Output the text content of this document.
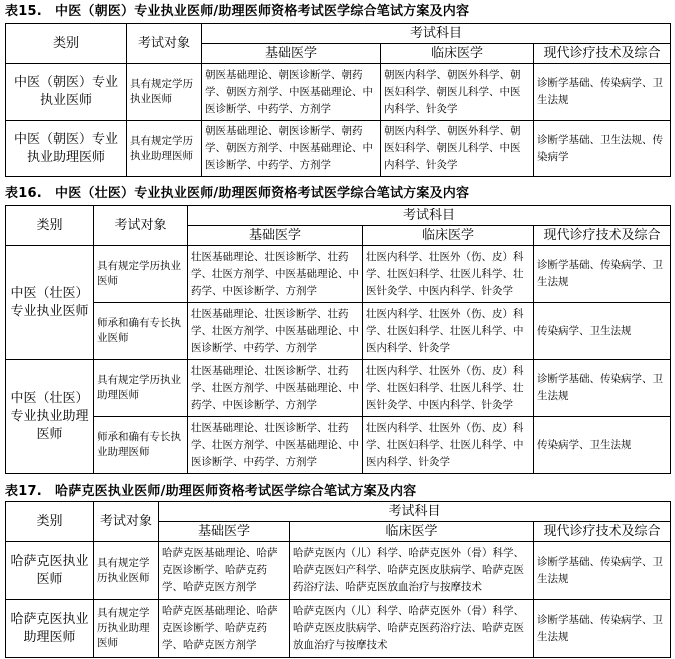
表15.　中医（朝医）专业执业医师/助理医师资格考试医学综合笔试方案及内容
类别	考试对象	考试科目		
		基础医学	临床医学	现代诊疗技术及综合
中医（朝医）专业执业医师	具有规定学历执业医师	朝医基础理论、朝医诊断学、朝药学、朝医方剂学、中医基础理论、中医诊断学、中药学、方剂学	朝医内科学、朝医外科学、朝医妇科学、朝医儿科学、中医内科学、针灸学	诊断学基础、传染病学、卫生法规
中医（朝医）专业执业助理医师	具有规定学历执业助理医师	朝医基础理论、朝医诊断学、朝药学、朝医方剂学、中医基础理论、中医诊断学、中药学、方剂学	朝医内科学、朝医外科学、朝医妇科学、朝医儿科学、中医内科学、针灸学	诊断学基础、卫生法规、传染病学
表16.　中医（壮医）专业执业医师/助理医师资格考试医学综合笔试方案及内容
类别	考试对象	考试科目		
		基础医学	临床医学	现代诊疗技术及综合
中医（壮医）专业执业医师	具有规定学历执业医师	壮医基础理论、壮医诊断学、壮药学、壮医方剂学、中医基础理论、中药学、中医诊断学、方剂学	壮医内科学、壮医外（伤、皮）科学、壮医妇科学、壮医儿科学、壮医针灸学、中医内科学、针灸学	诊断学基础、传染病学、卫生法规
	师承和确有专长执业医师	壮医基础理论、壮医诊断学、壮药学、壮医方剂学、中医基础理论、中医诊断学、中药学、方剂学	壮医内科学、壮医外（伤、皮）科学、壮医妇科学、壮医儿科学、中医内科学、针灸学	传染病学、卫生法规
中医（壮医）专业执业助理医师	具有规定学历执业助理医师	壮医基础理论、壮医诊断学、壮药学、壮医方剂学、中医基础理论、中药学、中医诊断学、方剂学	壮医内科学、壮医外（伤、皮）科学、壮医妇科学、壮医儿科学、壮医针灸学、中医内科学、针灸学	诊断学基础、传染病学、卫生法规
	师承和确有专长执业助理医师	壮医基础理论、壮医诊断学、壮药学、壮医方剂学、中医基础理论、中医诊断学、中药学、方剂学	壮医内科学、壮医外（伤、皮）科学、壮医妇科学、壮医儿科学、中医内科学、针灸学	传染病学、卫生法规
表17.　哈萨克医执业医师/助理医师资格考试医学综合笔试方案及内容
类别	考试对象	考试科目		
		基础医学	临床医学	现代诊疗技术及综合
哈萨克医执业医师	具有规定学历执业医师	哈萨克医基础理论、哈萨克医诊断学、哈萨克药学、哈萨克医方剂学	哈萨克医内（儿）科学、哈萨克医外（骨）科学、哈萨克医妇产科学、哈萨克医皮肤病学、哈萨克医药浴疗法、哈萨克医放血治疗与按摩技术	诊断学基础、传染病学、卫生法规
哈萨克医执业助理医师	具有规定学历执业助理医师	哈萨克医基础理论、哈萨克医诊断学、哈萨克药学、哈萨克医方剂学	哈萨克医内（儿）科学、哈萨克医外（骨）科学、哈萨克医皮肤病学、哈萨克医药浴疗法、哈萨克医放血治疗与按摩技术	诊断学基础、传染病学、卫生法规
